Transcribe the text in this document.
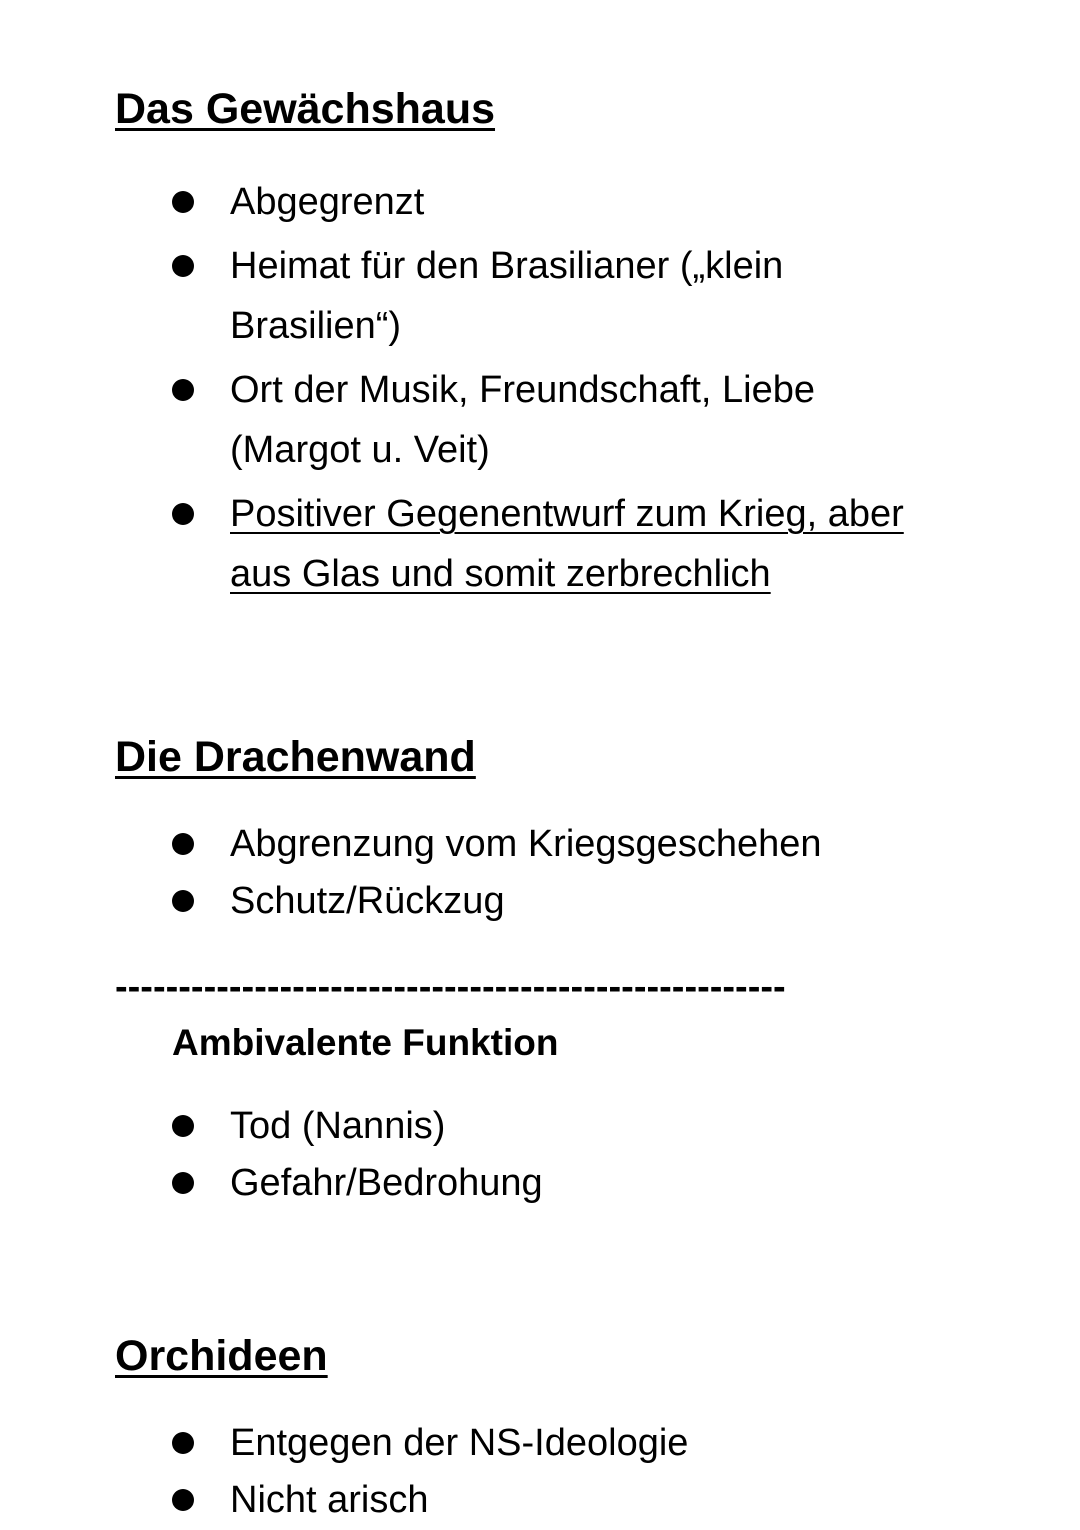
Das Gewächshaus
Abgegrenzt
Heimat für den Brasilianer („klein Brasilien“)
Ort der Musik, Freundschaft, Liebe (Margot u. Veit)
Positiver Gegenentwurf zum Krieg, aber aus Glas und somit zerbrechlich
Die Drachenwand
Abgrenzung vom Kriegsgeschehen
Schutz/Rückzug
-----------------------------------------------------
Ambivalente Funktion
Tod (Nannis)
Gefahr/Bedrohung
Orchideen
Entgegen der NS-Ideologie
Nicht arisch
